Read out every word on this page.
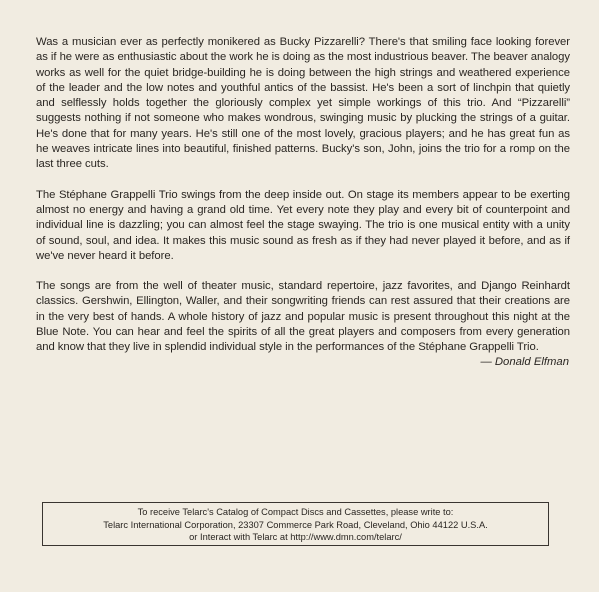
Was a musician ever as perfectly monikered as Bucky Pizzarelli? There's that smiling face looking forever as if he were as enthusiastic about the work he is doing as the most industrious beaver. The beaver analogy works as well for the quiet bridge-building he is doing between the high strings and weathered experience of the leader and the low notes and youthful antics of the bassist. He's been a sort of linchpin that quietly and selflessly holds together the gloriously complex yet simple workings of this trio. And “Pizzarelli” suggests nothing if not someone who makes wondrous, swinging music by plucking the strings of a guitar. He's done that for many years. He's still one of the most lovely, gracious players; and he has great fun as he weaves intricate lines into beautiful, finished patterns. Bucky's son, John, joins the trio for a romp on the last three cuts.

The Stéphane Grappelli Trio swings from the deep inside out. On stage its members appear to be exerting almost no energy and having a grand old time. Yet every note they play and every bit of counterpoint and individual line is dazzling; you can almost feel the stage swaying. The trio is one musical entity with a unity of sound, soul, and idea. It makes this music sound as fresh as if they had never played it before, and as if we've never heard it before.

The songs are from the well of theater music, standard repertoire, jazz favorites, and Django Reinhardt classics. Gershwin, Ellington, Waller, and their songwriting friends can rest assured that their creations are in the very best of hands. A whole history of jazz and popular music is present throughout this night at the Blue Note. You can hear and feel the spirits of all the great players and composers from every generation and know that they live in splendid individual style in the performances of the Stéphane Grappelli Trio.

— Donald Elfman
To receive Telarc's Catalog of Compact Discs and Cassettes, please write to:
Telarc International Corporation, 23307 Commerce Park Road, Cleveland, Ohio 44122 U.S.A.
or Interact with Telarc at http://www.dmn.com/telarc/
